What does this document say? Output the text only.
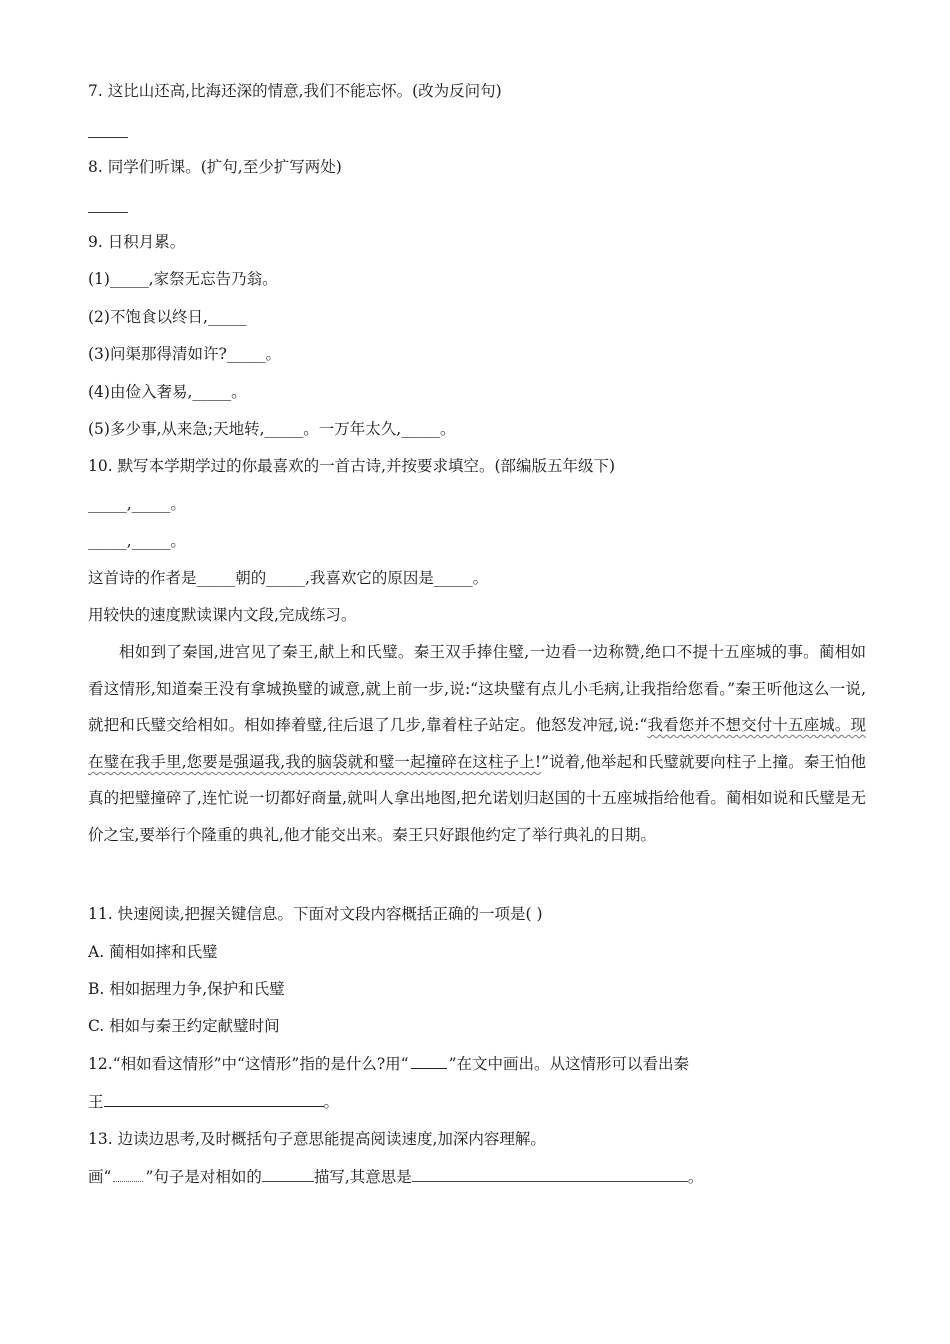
7. 这比山还高,比海还深的情意,我们不能忘怀。(改为反问句)
8. 同学们听课。(扩句,至少扩写两处)
9. 日积月累。
(1)_____,家祭无忘告乃翁。
(2)不饱食以终日,_____
(3)问渠那得清如许?_____。
(4)由俭入奢易,_____。
(5)多少事,从来急;天地转,_____。一万年太久,_____。
10. 默写本学期学过的你最喜欢的一首古诗,并按要求填空。(部编版五年级下)
_____,_____。
_____,_____。
这首诗的作者是_____朝的_____,我喜欢它的原因是_____。
用较快的速度默读课内文段,完成练习。
相如到了秦国,进宫见了秦王,献上和氏璧。秦王双手捧住璧,一边看一边称赞,绝口不提十五座城的事。蔺相如看这情形,知道秦王没有拿城换璧的诚意,就上前一步,说:“这块璧有点儿小毛病,让我指给您看。”秦王听他这么一说,就把和氏璧交给相如。相如捧着璧,往后退了几步,靠着柱子站定。他怒发冲冠,说:“我看您并不想交付十五座城。现在璧在我手里,您要是强逼我,我的脑袋就和璧一起撞碎在这柱子上!”说着,他举起和氏璧就要向柱子上撞。秦王怕他真的把璧撞碎了,连忙说一切都好商量,就叫人拿出地图,把允诺划归赵国的十五座城指给他看。蔺相如说和氏璧是无价之宝,要举行个隆重的典礼,他才能交出来。秦王只好跟他约定了举行典礼的日期。
11. 快速阅读,把握关键信息。下面对文段内容概括正确的一项是( )
A. 蔺相如摔和氏璧
B. 相如据理力争,保护和氏璧
C. 相如与秦王约定献璧时间
12.“相如看这情形”中“这情形”指的是什么?用“	”在文中画出。从这情形可以看出秦
王	。
13. 边读边思考,及时概括句子意思能提高阅读速度,加深内容理解。
画“ ”句子是对相如的	描写,其意思是	。
